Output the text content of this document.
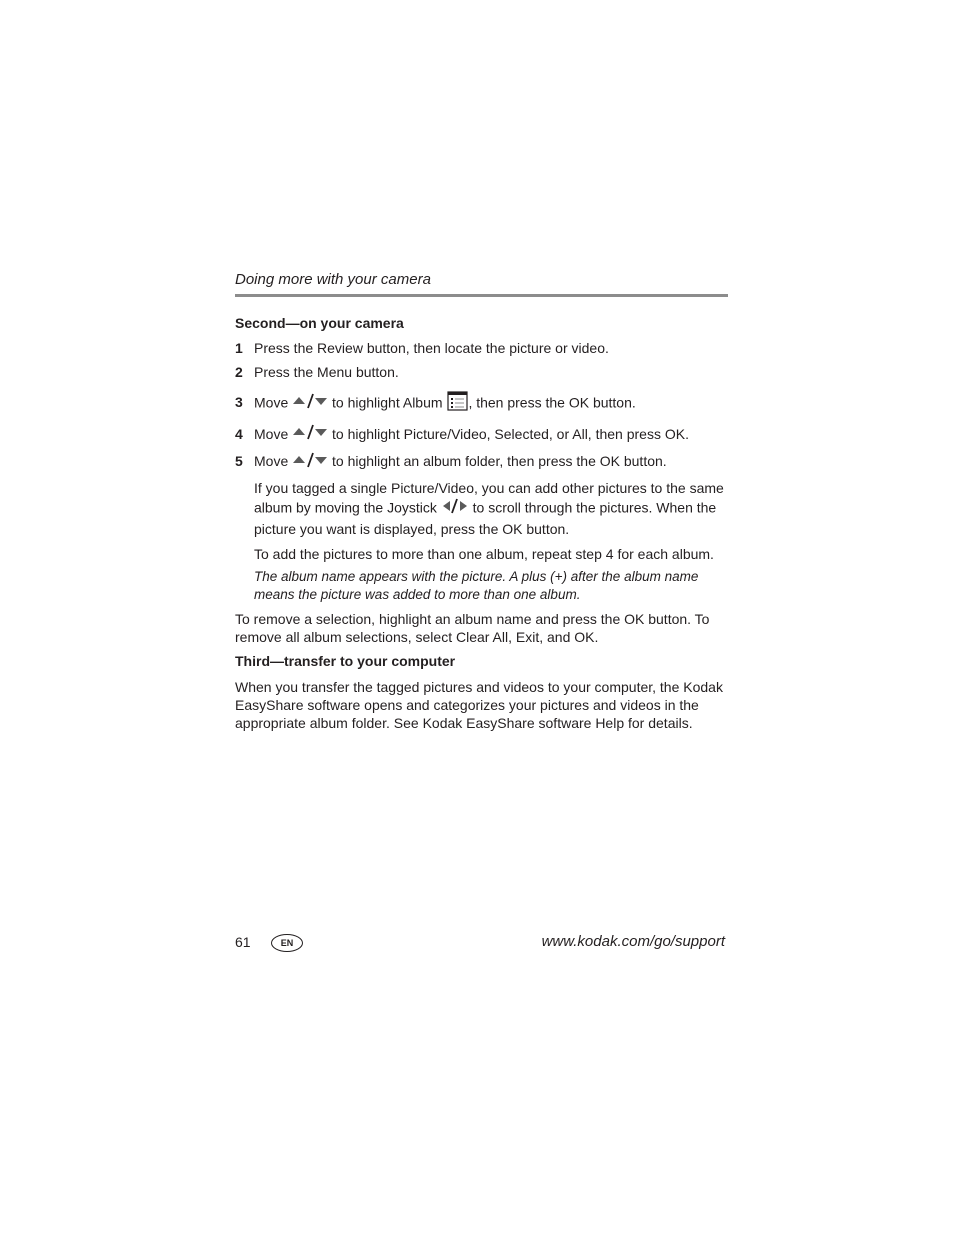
Doing more with your camera
Second—on your camera
1 Press the Review button, then locate the picture or video.
2 Press the Menu button.
3 Move	to highlight Album , then press the OK button.
4 Move	to highlight Picture/Video, Selected, or All, then press OK.
5 Move	to highlight an album folder, then press the OK button.

If you tagged a single Picture/Video, you can add other pictures to the same album by moving the Joystick	to scroll through the pictures. When the picture you want is displayed, press the OK button.

To add the pictures to more than one album, repeat step 4 for each album.

The album name appears with the picture. A plus (+) after the album name means the picture was added to more than one album.

To remove a selection, highlight an album name and press the OK button. To remove all album selections, select Clear All, Exit, and OK.

Third—transfer to your computer

When you transfer the tagged pictures and videos to your computer, the Kodak EasyShare software opens and categorizes your pictures and videos in the appropriate album folder. See Kodak EasyShare software Help for details.

61	EN	www.kodak.com/go/support
